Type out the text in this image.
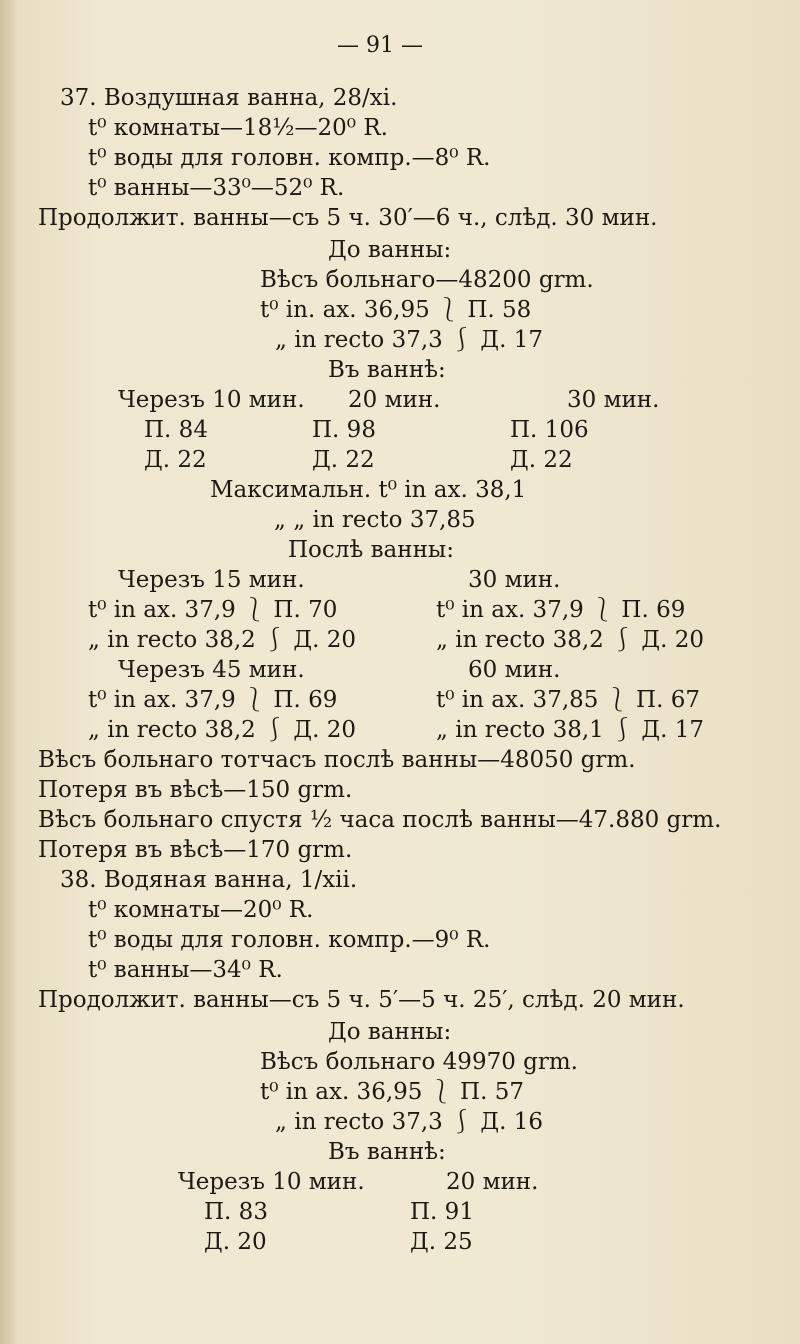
— 91 —
37. Воздушная ванна, 28/xi.
t⁰ комнаты—18½—20⁰ R.
t⁰ воды для головн. компр.—8⁰ R.
t⁰ ванны—33⁰—52⁰ R.
Продолжит. ванны—съ 5 ч. 30′—6 ч., слѣд. 30 мин.
До ванны:
Вѣсъ больнаго—48200 grm.
t⁰ in. ax. 36,95 ⎱ П. 58
„ in recto 37,3 ⎰ Д. 17
Въ ваннѣ:
Черезъ 10 мин. 20 мин.	30 мин.
П. 84	П. 98	П. 106
Д. 22	Д. 22	Д. 22
Максимальн. t⁰ in ax. 38,1
„ „ in recto 37,85
Послѣ ванны:
Черезъ 15 мин.	30 мин.
t⁰ in ax. 37,9 ⎱ П. 70	t⁰ in ax. 37,9 ⎱ П. 69
„ in recto 38,2 ⎰ Д. 20	„ in recto 38,2 ⎰ Д. 20
Черезъ 45 мин.	60 мин.
t⁰ in ax. 37,9 ⎱ П. 69	t⁰ in ax. 37,85 ⎱ П. 67
„ in recto 38,2 ⎰ Д. 20	„ in recto 38,1 ⎰ Д. 17
Вѣсъ больнаго тотчасъ послѣ ванны—48050 grm.
Потеря въ вѣсѣ—150 grm.
Вѣсъ больнаго спустя ½ часа послѣ ванны—47.880 grm.
Потеря въ вѣсѣ—170 grm.
38. Водяная ванна, 1/xii.
t⁰ комнаты—20⁰ R.
t⁰ воды для головн. компр.—9⁰ R.
t⁰ ванны—34⁰ R.
Продолжит. ванны—съ 5 ч. 5′—5 ч. 25′, слѣд. 20 мин.
До ванны:
Вѣсъ больнаго 49970 grm.
t⁰ in ax. 36,95 ⎱ П. 57
„ in recto 37,3 ⎰ Д. 16
Въ ваннѣ:
Черезъ 10 мин.	20 мин.
П. 83	П. 91
Д. 20	Д. 25
